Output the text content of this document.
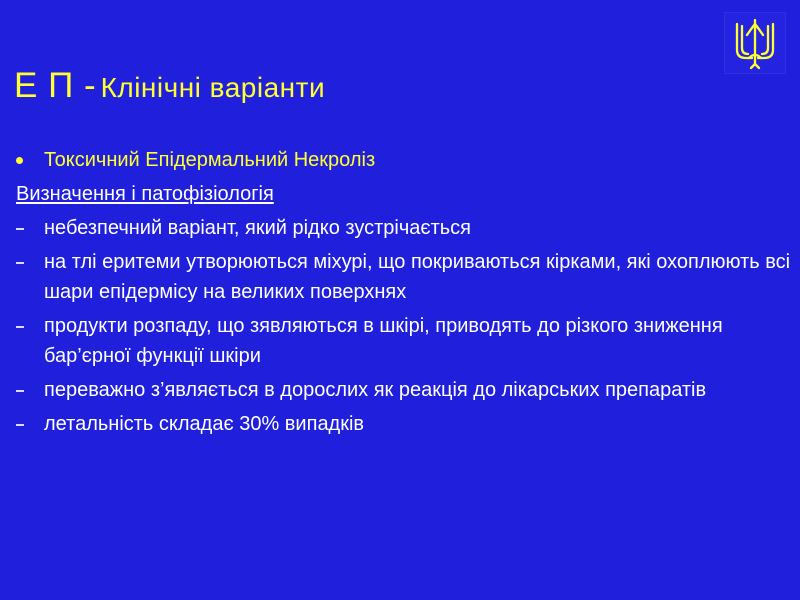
Е П - Клінічні варіанти
Токсичний Епідермальний Некроліз
Визначення і патофізіологія
небезпечний варіант, який рідко зустрічається
на тлі еритеми утворюються міхурі, що покриваються кірками, які охоплюють всі шари епідермісу на великих поверхнях
продукти розпаду, що зявляються в шкірі, приводять до різкого зниження бар’єрної функції шкіри
переважно з’являється в дорослих як реакція до лікарських препаратів
летальність складає 30% випадків
